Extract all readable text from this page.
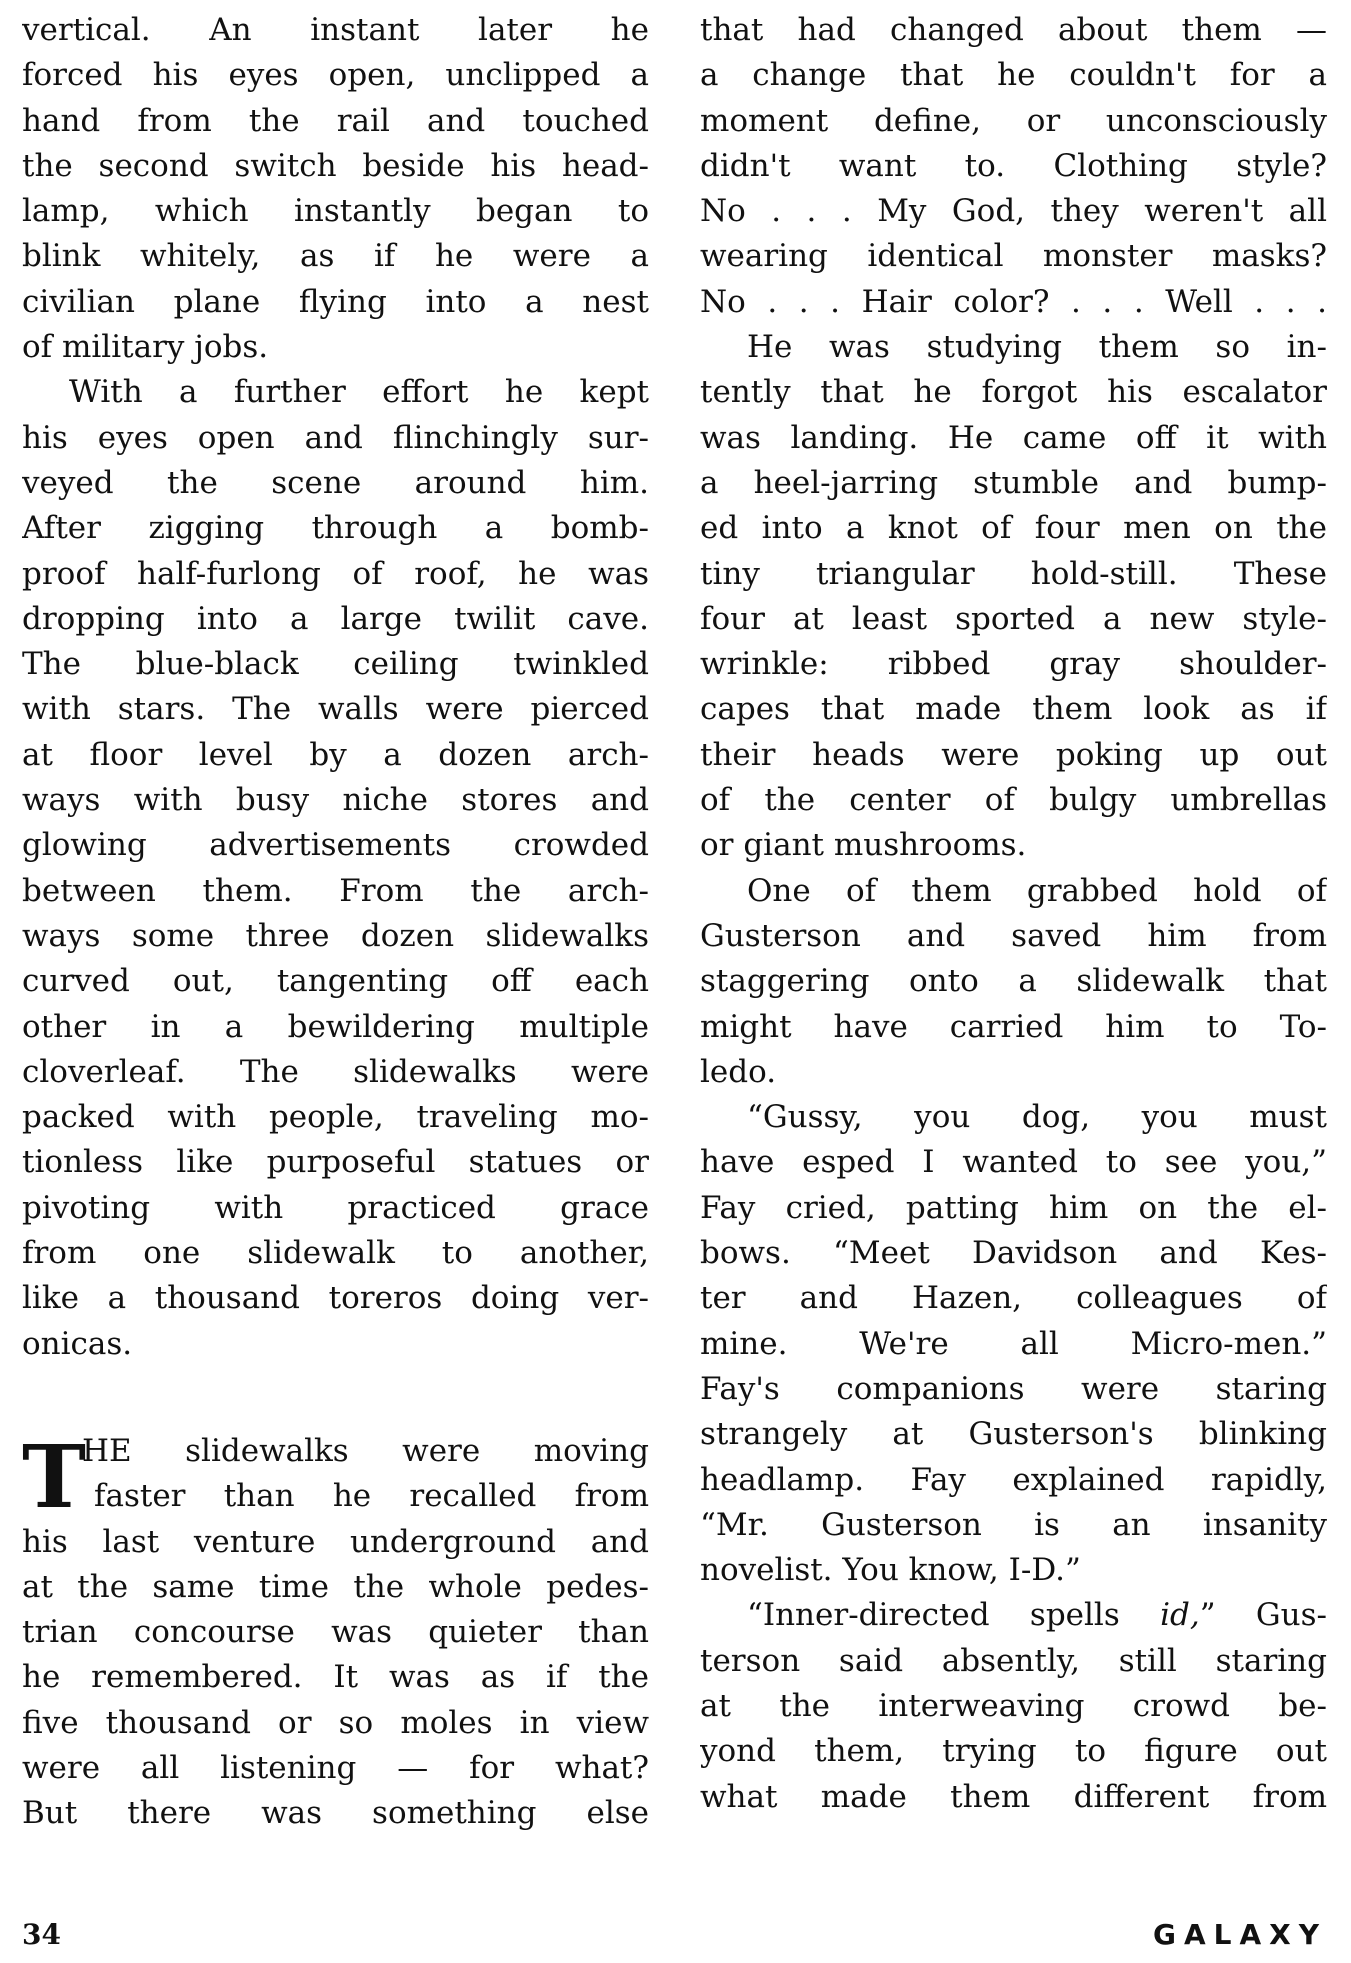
vertical. An instant later he
forced his eyes open, unclipped a
hand from the rail and touched
the second switch beside his head-
lamp, which instantly began to
blink whitely, as if he were a
civilian plane flying into a nest
of military jobs.
With a further effort he kept
his eyes open and flinchingly sur-
veyed the scene around him.
After zigging through a bomb-
proof half-furlong of roof, he was
dropping into a large twilit cave.
The blue-black ceiling twinkled
with stars. The walls were pierced
at floor level by a dozen arch-
ways with busy niche stores and
glowing advertisements crowded
between them. From the arch-
ways some three dozen slidewalks
curved out, tangenting off each
other in a bewildering multiple
cloverleaf. The slidewalks were
packed with people, traveling mo-
tionless like purposeful statues or
pivoting with practiced grace
from one slidewalk to another,
like a thousand toreros doing ver-
onicas.
T
HE slidewalks were moving
faster than he recalled from
his last venture underground and
at the same time the whole pedes-
trian concourse was quieter than
he remembered. It was as if the
five thousand or so moles in view
were all listening — for what?
But there was something else
that had changed about them —
a change that he couldn't for a
moment define, or unconsciously
didn't want to. Clothing style?
No . . . My God, they weren't all
wearing identical monster masks?
No . . . Hair color? . . . Well . . .
He was studying them so in-
tently that he forgot his escalator
was landing. He came off it with
a heel-jarring stumble and bump-
ed into a knot of four men on the
tiny triangular hold-still. These
four at least sported a new style-
wrinkle: ribbed gray shoulder-
capes that made them look as if
their heads were poking up out
of the center of bulgy umbrellas
or giant mushrooms.
One of them grabbed hold of
Gusterson and saved him from
staggering onto a slidewalk that
might have carried him to To-
ledo.
“Gussy, you dog, you must
have esped I wanted to see you,”
Fay cried, patting him on the el-
bows. “Meet Davidson and Kes-
ter and Hazen, colleagues of
mine. We're all Micro-men.”
Fay's companions were staring
strangely at Gusterson's blinking
headlamp. Fay explained rapidly,
“Mr. Gusterson is an insanity
novelist. You know, I-D.”
“Inner-directed spells id,” Gus-
terson said absently, still staring
at the interweaving crowd be-
yond them, trying to figure out
what made them different from
34	GALAXY
